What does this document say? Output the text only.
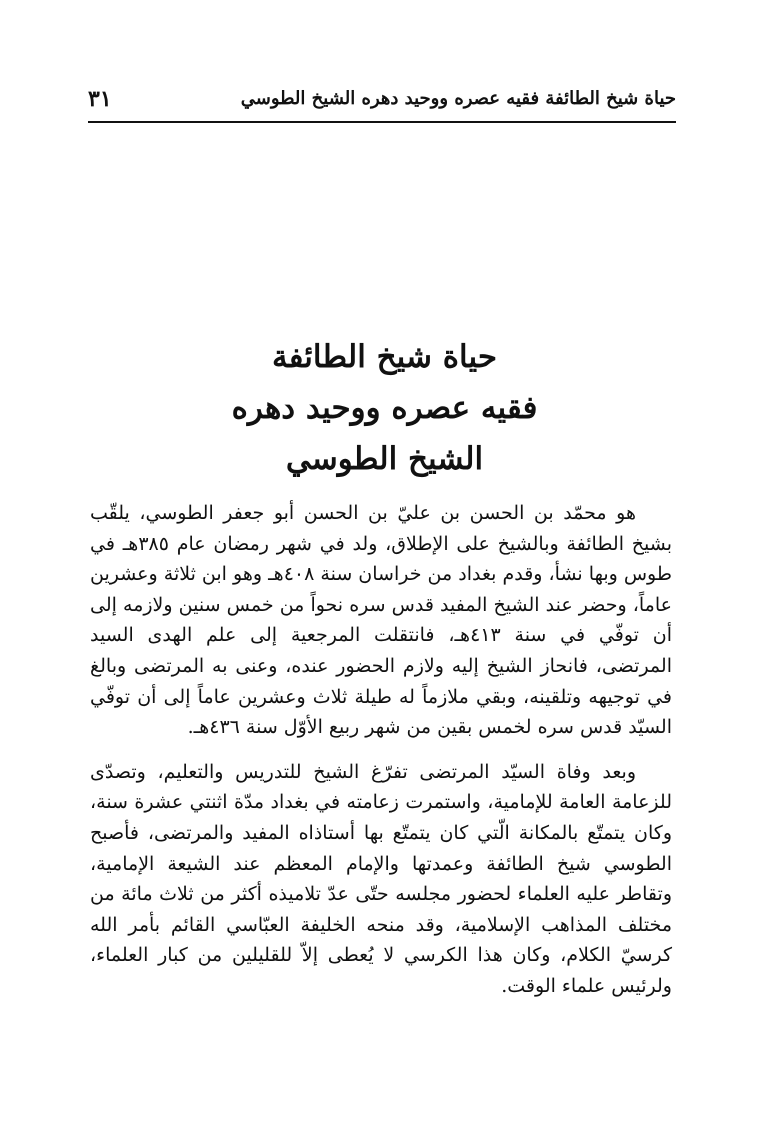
حياة شيخ الطائفة فقيه عصره ووحيد دهره الشيخ الطوسي
٣١
حياة شيخ الطائفة
فقيه عصره ووحيد دهره
الشيخ الطوسي

هو محمّد بن الحسن بن عليّ بن الحسن أبو جعفر الطوسي، يلقّب بشيخ الطائفة وبالشيخ على الإطلاق، ولد في شهر رمضان عام ٣٨٥هـ في طوس وبها نشأ، وقدم بغداد من خراسان سنة ٤٠٨هـ وهو ابن ثلاثة وعشرين عاماً، وحضر عند الشيخ المفيد قدس سره نحواً من خمس سنين ولازمه إلى أن توفّي في سنة ٤١٣هـ، فانتقلت المرجعية إلى علم الهدى السيد المرتضى، فانحاز الشيخ إليه ولازم الحضور عنده، وعنى به المرتضى وبالغ في توجيهه وتلقينه، وبقي ملازماً له طيلة ثلاث وعشرين عاماً إلى أن توفّي السيّد قدس سره لخمس بقين من شهر ربيع الأوّل سنة ٤٣٦هـ.

وبعد وفاة السيّد المرتضى تفرّغ الشيخ للتدريس والتعليم، وتصدّى للزعامة العامة للإمامية، واستمرت زعامته في بغداد مدّة اثنتي عشرة سنة، وكان يتمتّع بالمكانة الّتي كان يتمتّع بها أستاذاه المفيد والمرتضى، فأصبح الطوسي شيخ الطائفة وعمدتها والإمام المعظم عند الشيعة الإمامية، وتقاطر عليه العلماء لحضور مجلسه حتّى عدّ تلاميذه أكثر من ثلاث مائة من مختلف المذاهب الإسلامية، وقد منحه الخليفة العبّاسي القائم بأمر الله كرسيّ الكلام، وكان هذا الكرسي لا يُعطى إلاّ للقليلين من كبار العلماء، ولرئيس علماء الوقت.
